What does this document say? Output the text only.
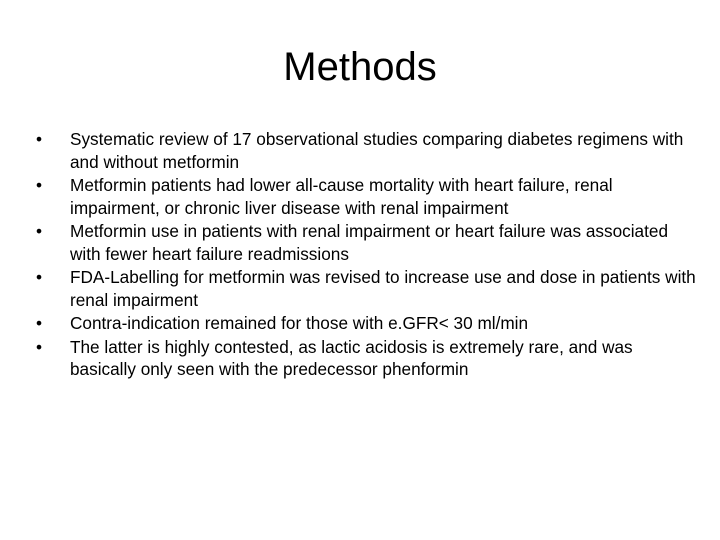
Methods
•	Systematic review of 17 observational studies comparing diabetes regimens with and without metformin
•	Metformin patients had lower all-cause mortality with heart failure, renal impairment, or chronic liver disease with renal impairment
•	Metformin use in patients with renal impairment or heart failure was associated with fewer heart failure readmissions
•	FDA-Labelling for metformin was revised to increase use and dose in patients with renal impairment
•	Contra-indication remained for those with e.GFR< 30 ml/min
•	The latter is highly contested, as lactic acidosis is extremely rare, and was basically only seen with the predecessor phenformin
